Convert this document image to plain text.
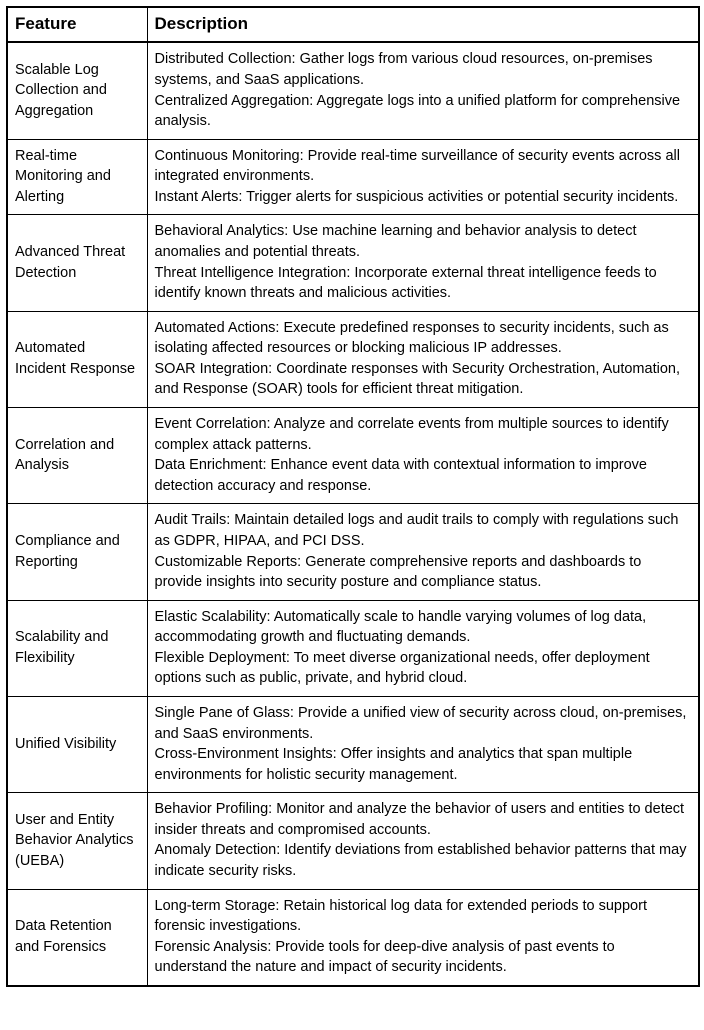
Feature	Description
Scalable Log Collection and Aggregation	Distributed Collection: Gather logs from various cloud resources, on-premises systems, and SaaS applications.
Centralized Aggregation: Aggregate logs into a unified platform for comprehensive analysis.

Real-time Monitoring and Alerting	Continuous Monitoring: Provide real-time surveillance of security events across all integrated environments.
Instant Alerts: Trigger alerts for suspicious activities or potential security incidents.

Advanced Threat Detection	Behavioral Analytics: Use machine learning and behavior analysis to detect anomalies and potential threats.
Threat Intelligence Integration: Incorporate external threat intelligence feeds to identify known threats and malicious activities.

Automated Incident Response	Automated Actions: Execute predefined responses to security incidents, such as isolating affected resources or blocking malicious IP addresses.
SOAR Integration: Coordinate responses with Security Orchestration, Automation, and Response (SOAR) tools for efficient threat mitigation.

Correlation and Analysis	Event Correlation: Analyze and correlate events from multiple sources to identify complex attack patterns.
Data Enrichment: Enhance event data with contextual information to improve detection accuracy and response.

Compliance and Reporting	Audit Trails: Maintain detailed logs and audit trails to comply with regulations such as GDPR, HIPAA, and PCI DSS.
Customizable Reports: Generate comprehensive reports and dashboards to provide insights into security posture and compliance status.

Scalability and Flexibility	Elastic Scalability: Automatically scale to handle varying volumes of log data, accommodating growth and fluctuating demands.
Flexible Deployment: To meet diverse organizational needs, offer deployment options such as public, private, and hybrid cloud.

Unified Visibility	Single Pane of Glass: Provide a unified view of security across cloud, on-premises, and SaaS environments.
Cross-Environment Insights: Offer insights and analytics that span multiple environments for holistic security management.

User and Entity Behavior Analytics (UEBA)	Behavior Profiling: Monitor and analyze the behavior of users and entities to detect insider threats and compromised accounts.
Anomaly Detection: Identify deviations from established behavior patterns that may indicate security risks.

Data Retention and Forensics	Long-term Storage: Retain historical log data for extended periods to support forensic investigations.
Forensic Analysis: Provide tools for deep-dive analysis of past events to understand the nature and impact of security incidents.
